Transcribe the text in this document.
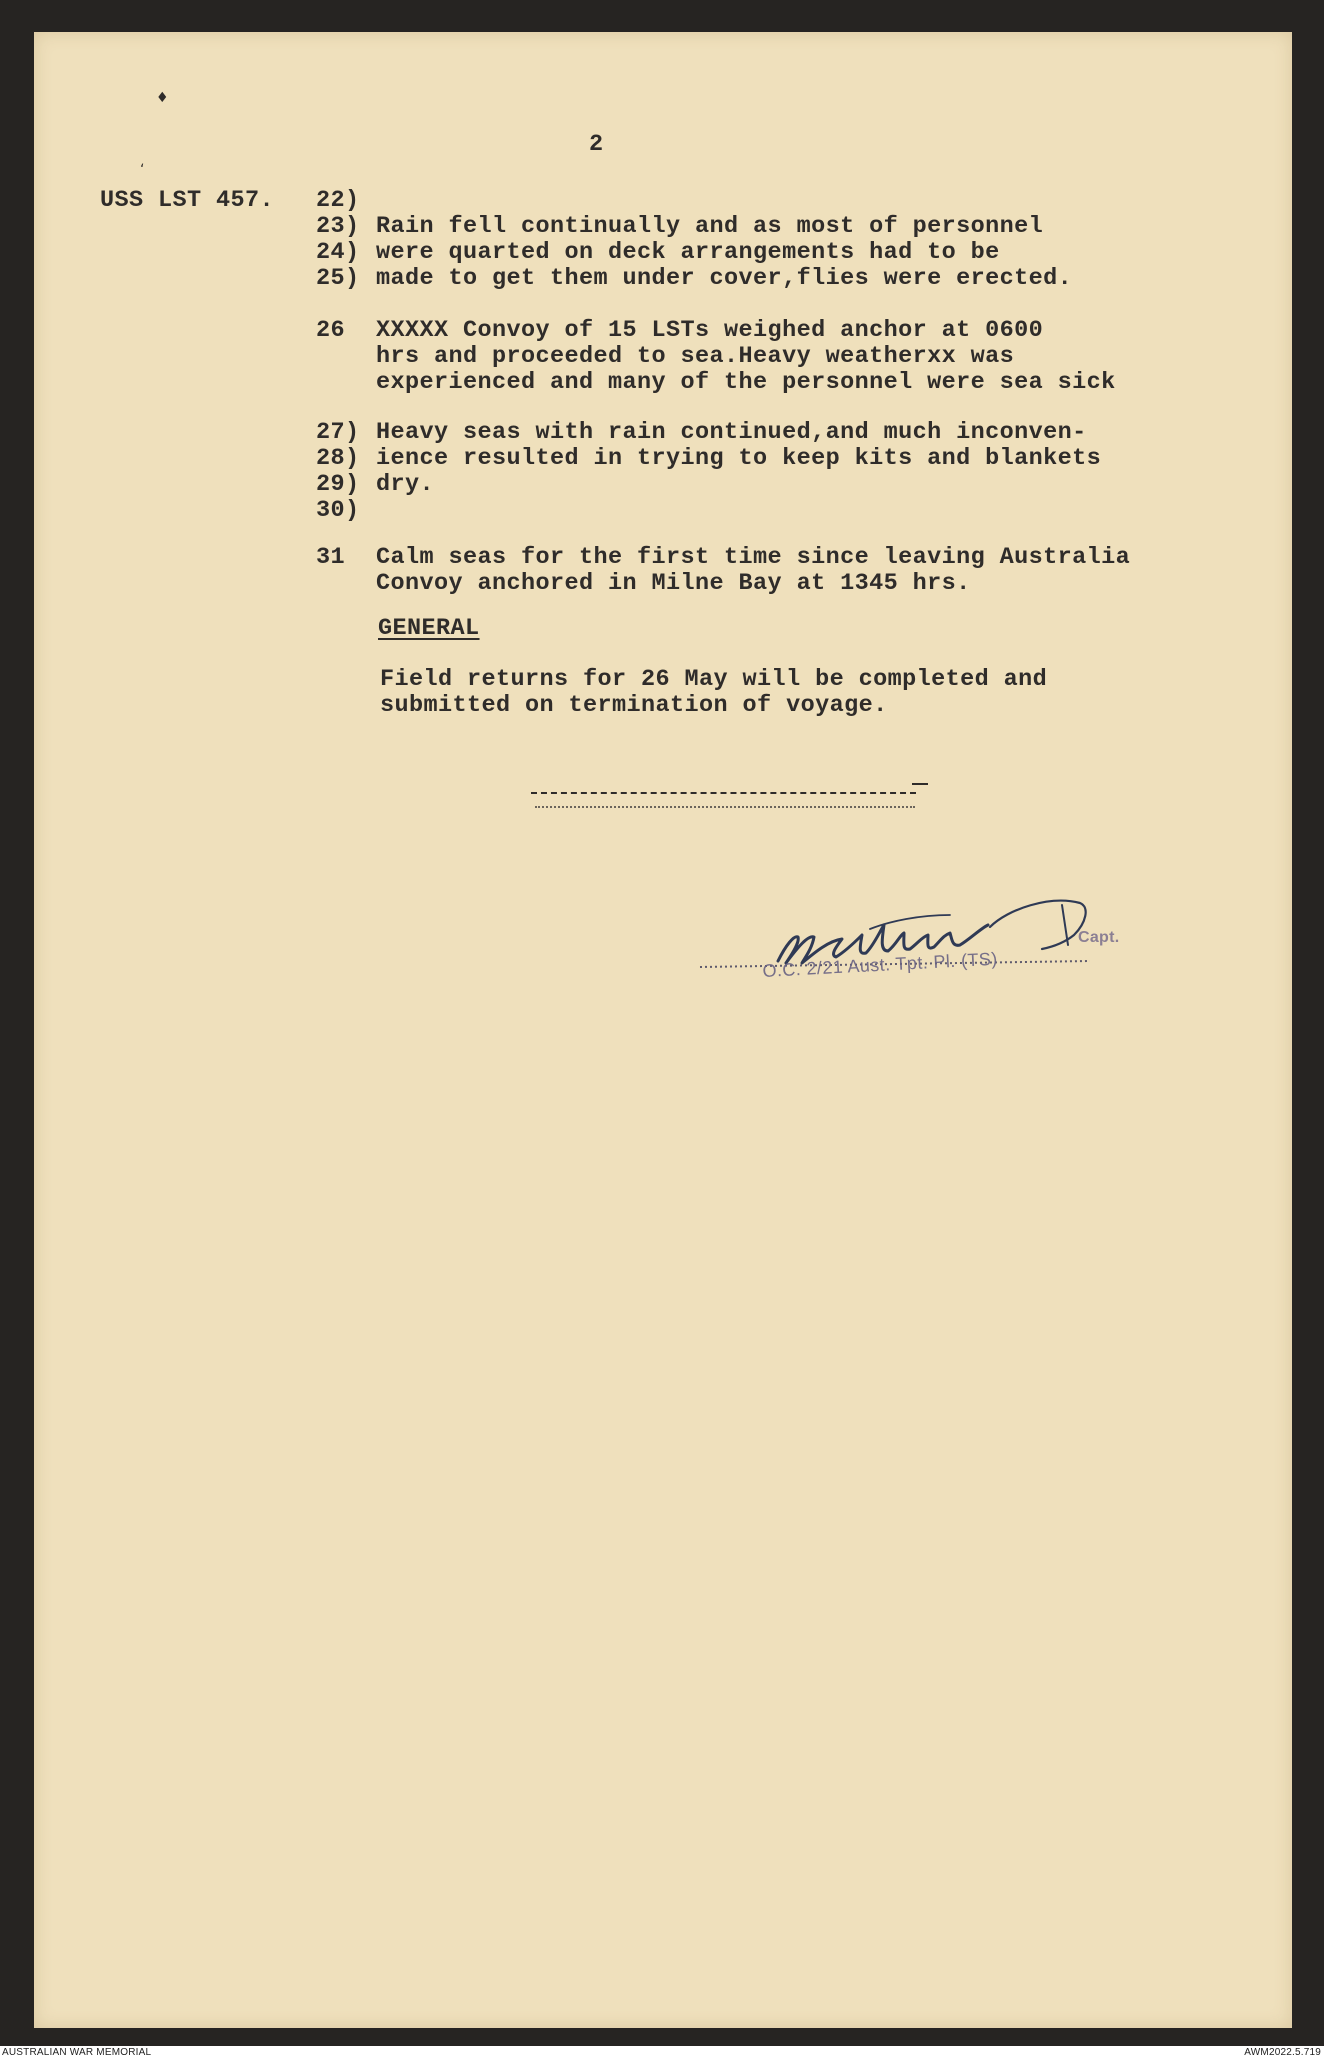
♦
‘
2
USS LST 457. 22)
23)
24)
25)
Rain fell continually and as most of personnel
were quarted on deck arrangements had to be
made to get them under cover,flies were erected.
26	XXXXX Convoy of 15 LSTs weighed anchor at 0600
hrs and proceeded to sea.Heavy weatherxx was
experienced and many of the personnel were sea sick
27)
28)
29)
30)
Heavy seas with rain continued,and much inconven-
ience resulted in trying to keep kits and blankets
dry.
31	Calm seas for the first time since leaving Australia
Convoy anchored in Milne Bay at 1345 hrs.
GENERAL
Field returns for 26 May will be completed and
submitted on termination of voyage.
Capt.
O.C. 2/21 Aust. Tpt. Pl. (TS)
AUSTRALIAN WAR MEMORIAL	AWM2022.5.719
